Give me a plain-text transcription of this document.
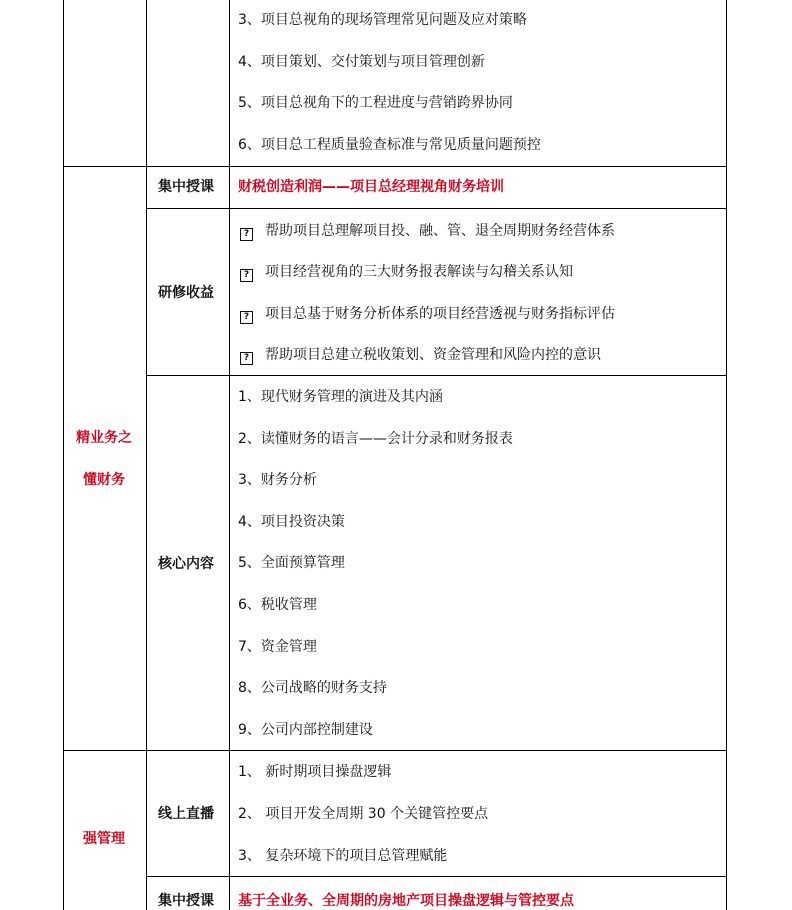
3、项目总视角的现场管理常见问题及应对策略
4、项目策划、交付策划与项目管理创新
5、项目总视角下的工程进度与营销跨界协同
6、项目总工程质量验查标准与常见质量问题预控
精业务之
懂财务
集中授课 财税创造利润——项目总经理视角财务培训
研修收益
? 帮助项目总理解项目投、融、管、退全周期财务经营体系
? 项目经营视角的三大财务报表解读与勾稽关系认知
? 项目总基于财务分析体系的项目经营透视与财务指标评估
? 帮助项目总建立税收策划、资金管理和风险内控的意识
核心内容
1、现代财务管理的演进及其内涵
2、读懂财务的语言——会计分录和财务报表
3、财务分析
4、项目投资决策
5、全面预算管理
6、税收管理
7、资金管理
8、公司战略的财务支持
9、公司内部控制建设
强管理
线上直播
1、 新时期项目操盘逻辑
2、 项目开发全周期 30 个关键管控要点
3、 复杂环境下的项目总管理赋能
集中授课 基于全业务、全周期的房地产项目操盘逻辑与管控要点
